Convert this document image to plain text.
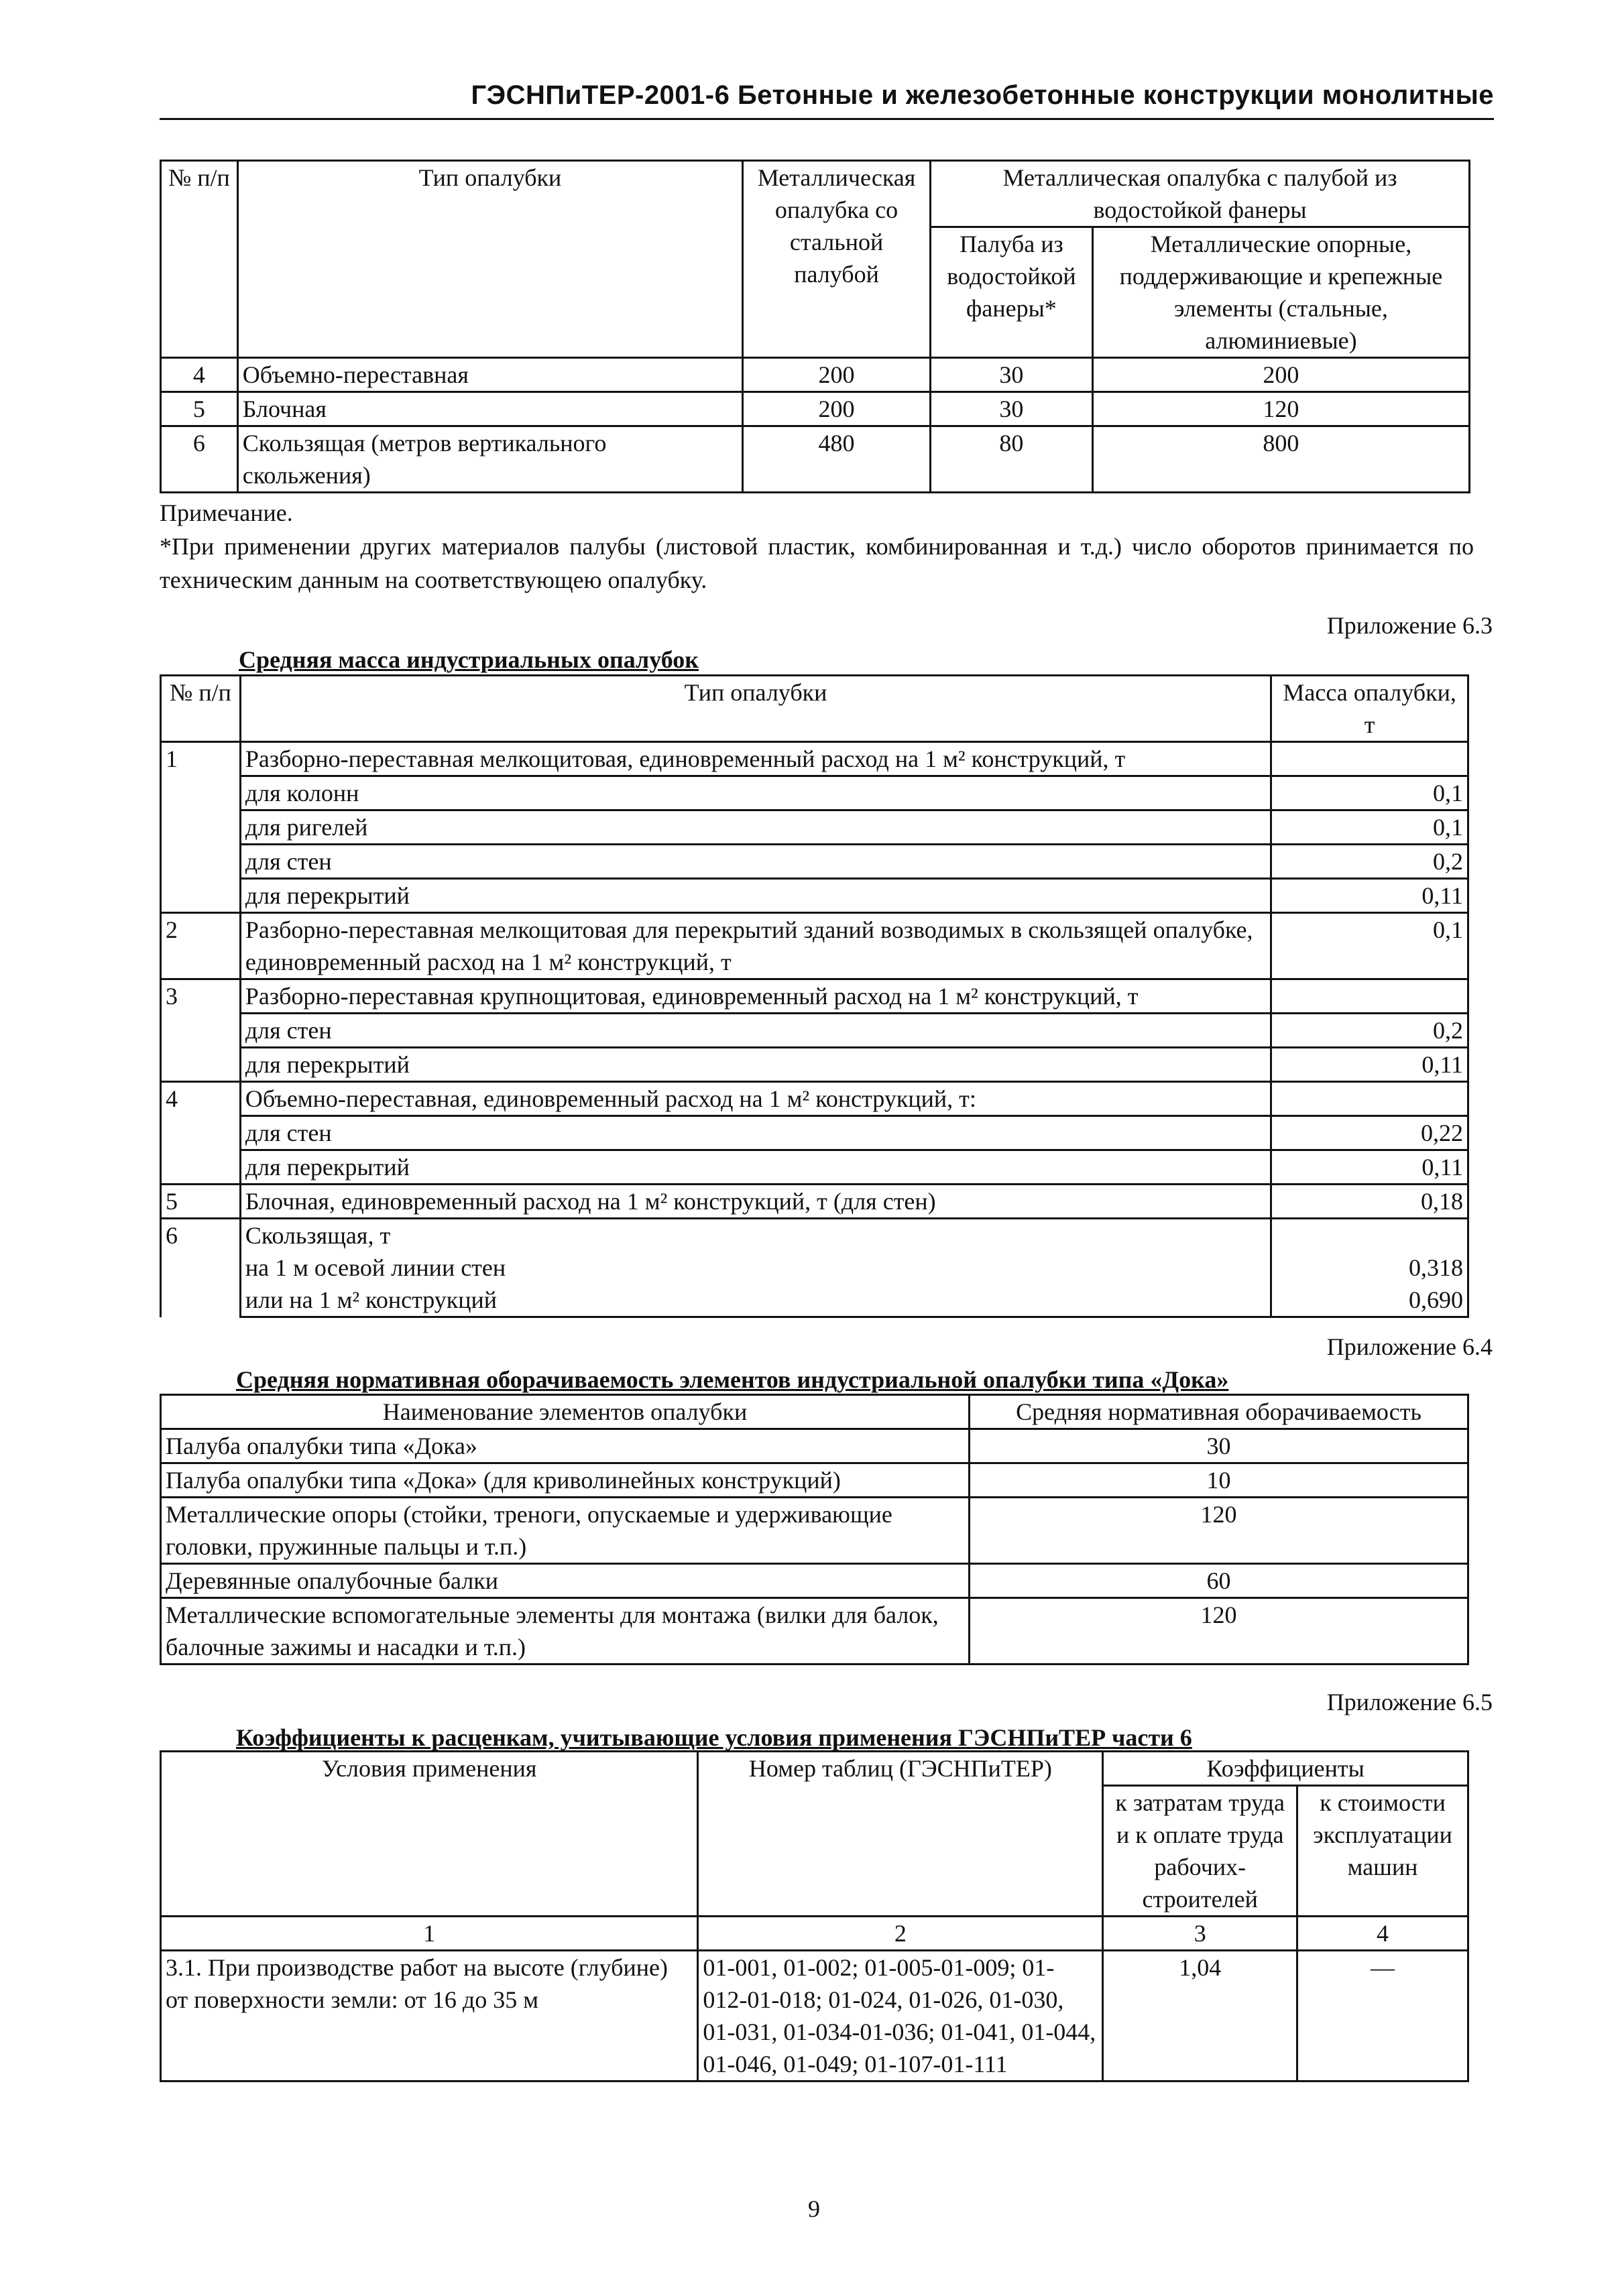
ГЭСНПиТЕР-2001-6 Бетонные и железобетонные конструкции монолитные
№ п/п	Тип опалубки	Металлическая опалубка со стальной палубой	Металлическая опалубка с палубой из водостойкой фанеры	
			Палуба из водостойкой фанеры*	Металлические опорные, поддерживающие и крепежные элементы (стальные, алюминиевые)
4	Объемно-переставная	200	30	200
5	Блочная	200	30	120
6	Скользящая (метров вертикального скольжения)	480	80	800
Примечание.
*При применении других материалов палубы (листовой пластик, комбинированная и т.д.) число оборотов принимается по техническим данным на соответствующею опалубку.
Приложение 6.3
Средняя масса индустриальных опалубок
№ п/п	Тип опалубки	Масса опалубки, т
1	Разборно-переставная мелкощитовая, единовременный расход на 1 м² конструкций, т	
	для колонн	0,1
	для ригелей	0,1
	для стен	0,2
	для перекрытий	0,11
2	Разборно-переставная мелкощитовая для перекрытий зданий возводимых в скользящей опалубке, единовременный расход на 1 м² конструкций, т	0,1
3	Разборно-переставная крупнощитовая, единовременный расход на 1 м² конструкций, т	
	для стен	0,2
	для перекрытий	0,11
4	Объемно-переставная, единовременный расход на 1 м² конструкций, т:	
	для стен	0,22
	для перекрытий	0,11
5	Блочная, единовременный расход на 1 м² конструкций, т (для стен)	0,18
6	Скользящая, т	
	на 1 м осевой линии стен	0,318
	или на 1 м² конструкций	0,690
Приложение 6.4
Средняя нормативная оборачиваемость элементов индустриальной опалубки типа «Дока»
Наименование элементов опалубки	Средняя нормативная оборачиваемость
Палуба опалубки типа «Дока»	30
Палуба опалубки типа «Дока» (для криволинейных конструкций)	10
Металлические опоры (стойки, треноги, опускаемые и удерживающие головки, пружинные пальцы и т.п.)	120
Деревянные опалубочные балки	60
Металлические вспомогательные элементы для монтажа (вилки для балок, балочные зажимы и насадки и т.п.)	120
Приложение 6.5
Коэффициенты к расценкам, учитывающие условия применения ГЭСНПиТЕР части 6
Условия применения	Номер таблиц (ГЭСНПиТЕР)	Коэффициенты	
		к затратам труда и к оплате труда рабочих-строителей	к стоимости эксплуатации машин
1	2	3	4
3.1. При производстве работ на высоте (глубине) от поверхности земли: от 16 до 35 м	01-001, 01-002; 01-005-01-009; 01-012-01-018; 01-024, 01-026, 01-030, 01-031, 01-034-01-036; 01-041, 01-044, 01-046, 01-049; 01-107-01-111	1,04	—
9
